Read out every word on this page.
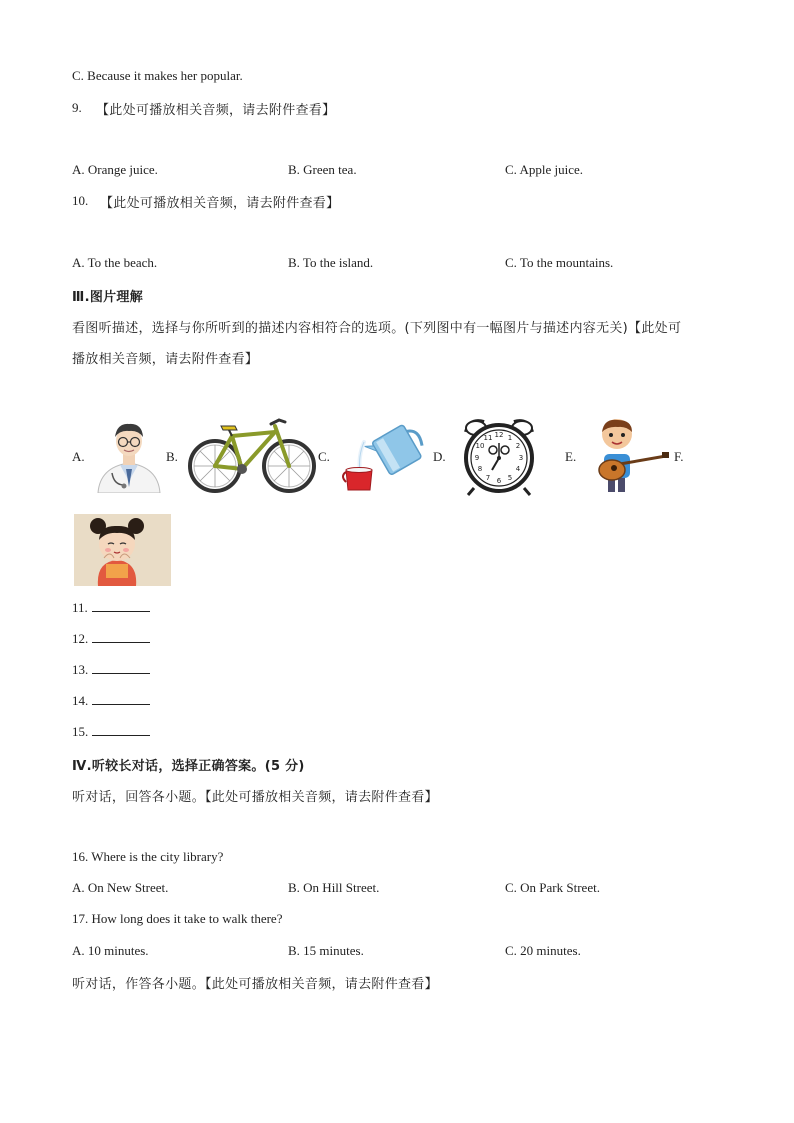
C. Because it makes her popular.
9. 【此处可播放相关音频，请去附件查看】
A. Orange juice.	B. Green tea.	C. Apple juice.
10. 【此处可播放相关音频，请去附件查看】
A. To the beach.	B. To the island.	C. To the mountains.
Ⅲ.图片理解
看图听描述，选择与你所听到的描述内容相符合的选项。(下列图中有一幅图片与描述内容无关)【此处可
播放相关音频，请去附件查看】
A.	B.	C.	D.	E.	F.
12 1
2
3
4
5
6
7
8
9
10
11
11.
12.
13.
14.
15.
Ⅳ.听较长对话，选择正确答案。(5 分)
听对话，回答各小题。【此处可播放相关音频，请去附件查看】
16. Where is the city library?
A. On New Street.	B. On Hill Street.	C. On Park Street.
17. How long does it take to walk there?
A. 10 minutes.	B. 15 minutes.	C. 20 minutes.
听对话，作答各小题。【此处可播放相关音频，请去附件查看】
